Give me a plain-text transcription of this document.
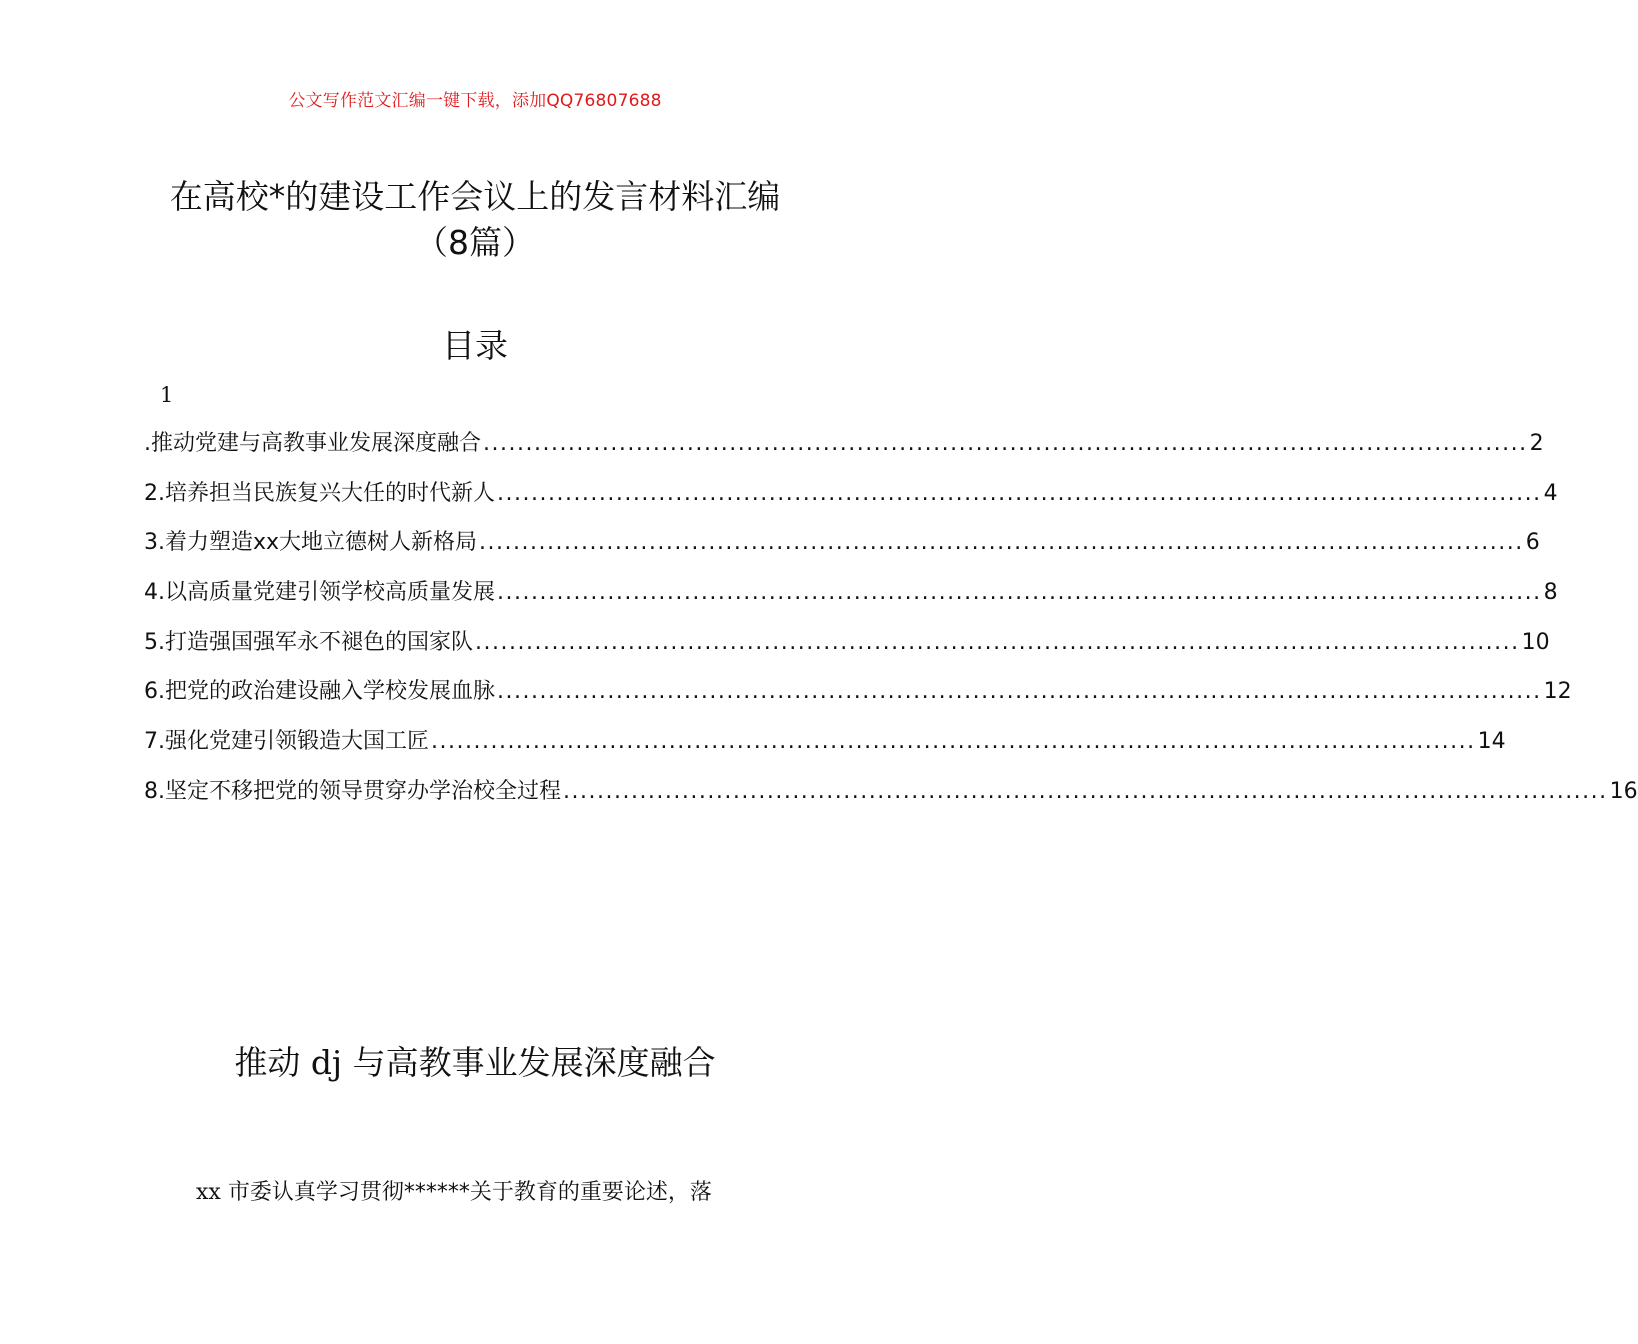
公文写作范文汇编一键下载，添加QQ76807688
在高校*的建设工作会议上的发言材料汇编
（8篇）
目录
1
.推动党建与高教事业发展深度融合 ........................................................................................................................... 2
2.培养担当民族复兴大任的时代新人 ........................................................................................................................... 4
3.着力塑造xx大地立德树人新格局 ........................................................................................................................... 6
4.以高质量党建引领学校高质量发展 ........................................................................................................................... 8
5.打造强国强军永不褪色的国家队 ........................................................................................................................... 10
6.把党的政治建设融入学校发展血脉 ........................................................................................................................... 12
7.强化党建引领锻造大国工匠 ........................................................................................................................... 14
8.坚定不移把党的领导贯穿办学治校全过程 ........................................................................................................................... 16
推动 dj 与高教事业发展深度融合
xx 市委认真学习贯彻******关于教育的重要论述，落
